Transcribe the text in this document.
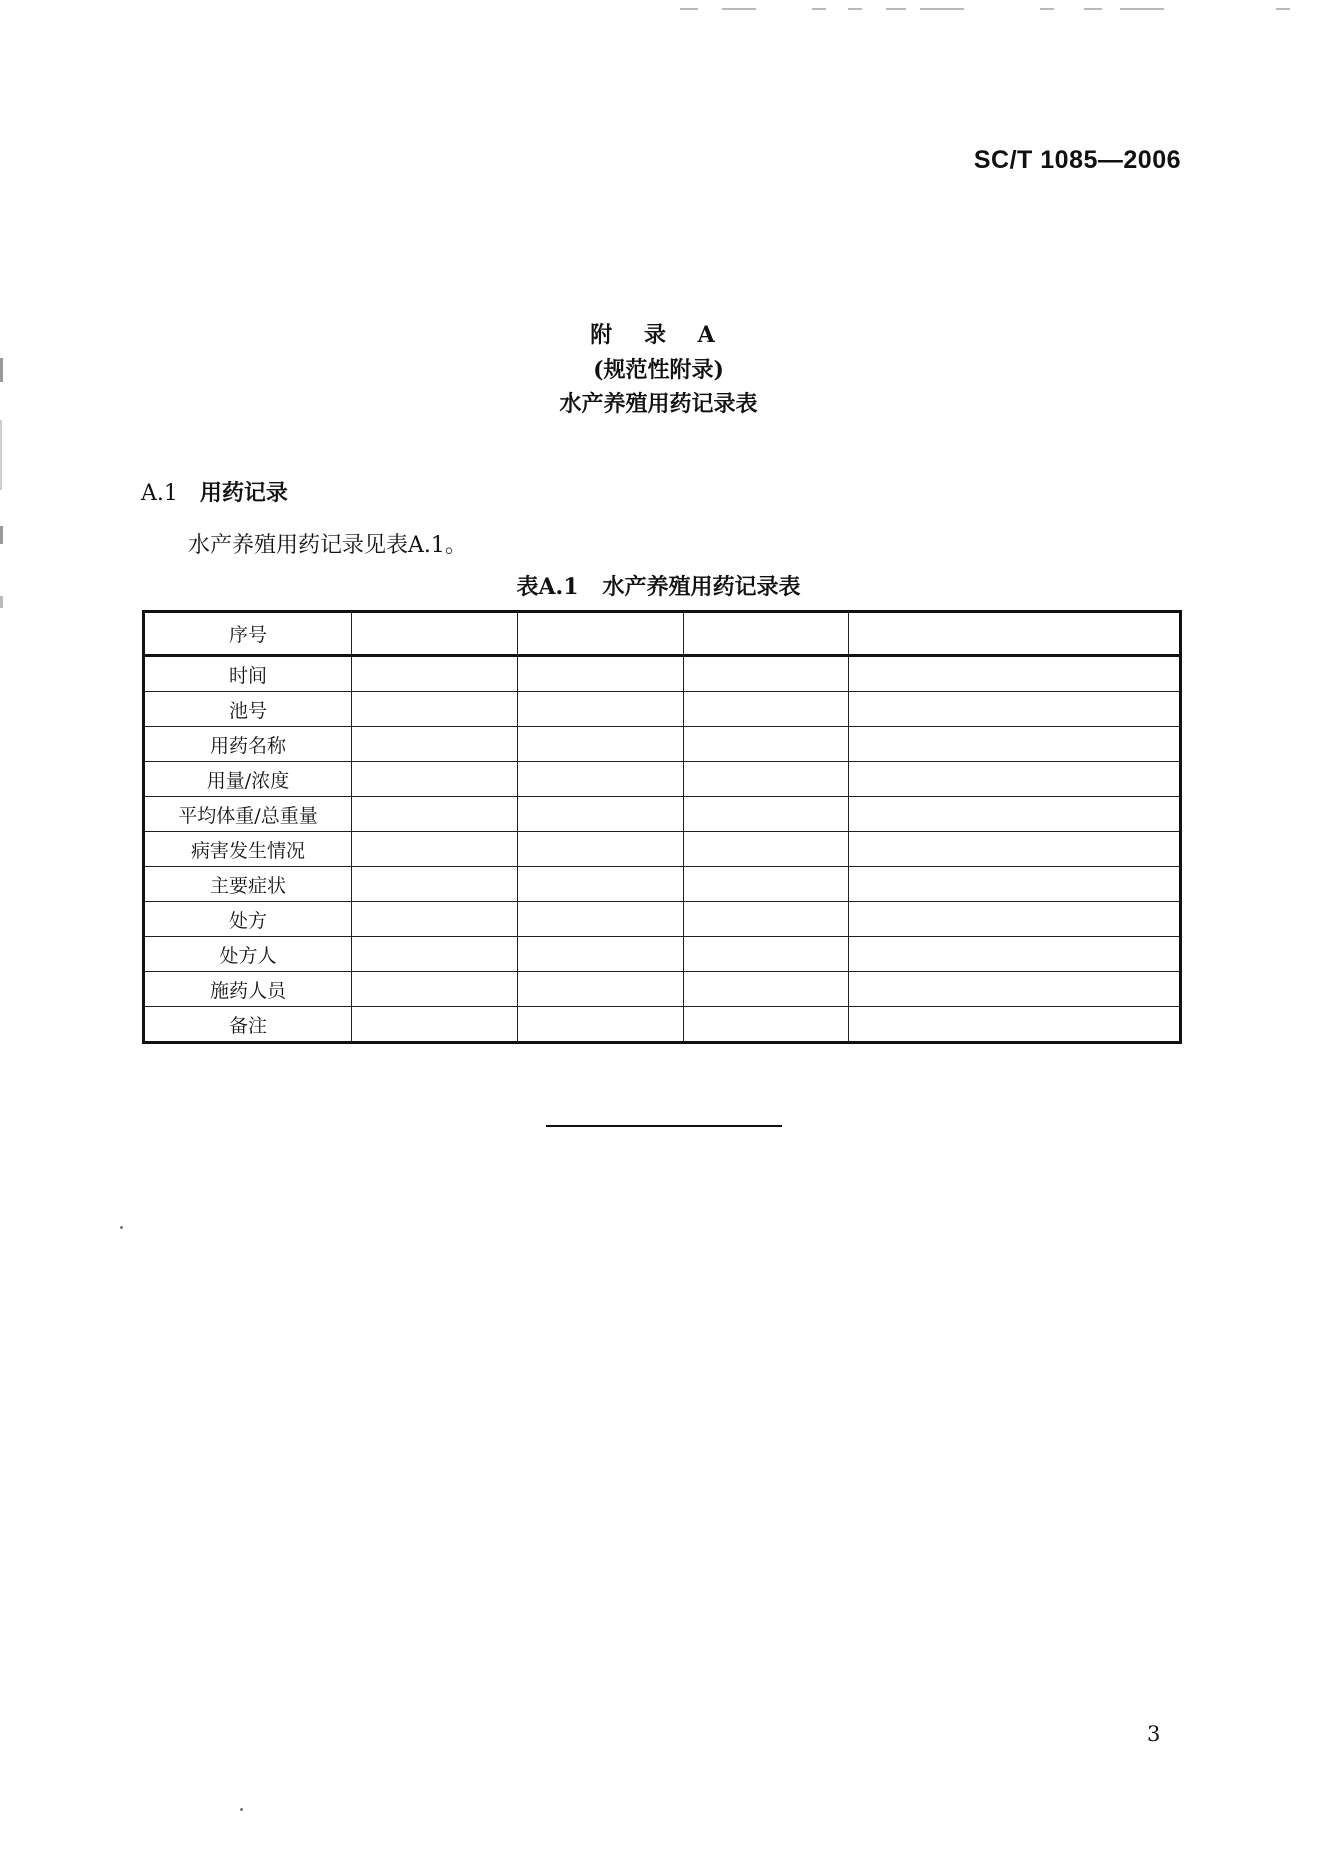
SC/T 1085—2006
附 录 A
(规范性附录)
水产养殖用药记录表
A.1 用药记录
水产养殖用药记录见表A.1。
表A.1 水产养殖用药记录表
序号				
时间				
池号				
用药名称				
用量/浓度				
平均体重/总重量				
病害发生情况				
主要症状				
处方				
处方人				
施药人员				
备注				
3
